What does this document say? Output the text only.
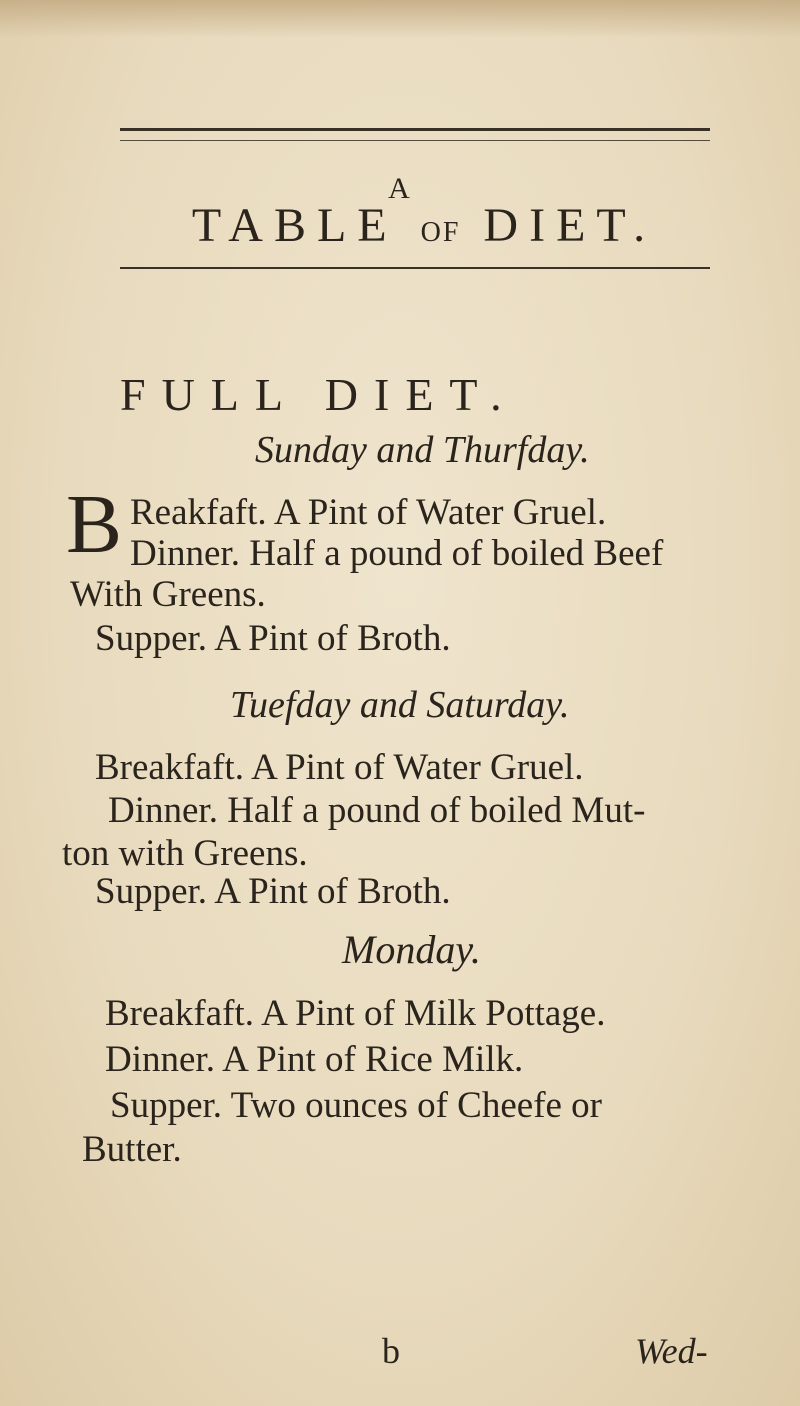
A
TABLE OF DIET.
FULL DIET.
Sunday and Thurfday.
B Reakfaft. A Pint of Water Gruel.
Dinner. Half a pound of boiled Beef
With Greens.
Supper. A Pint of Broth.
Tuefday and Saturday.
Breakfaft. A Pint of Water Gruel.
Dinner. Half a pound of boiled Mut-
ton with Greens.
Supper. A Pint of Broth.
Monday.
Breakfaft. A Pint of Milk Pottage.
Dinner. A Pint of Rice Milk.
Supper. Two ounces of Cheefe or
Butter.
b	Wed-
